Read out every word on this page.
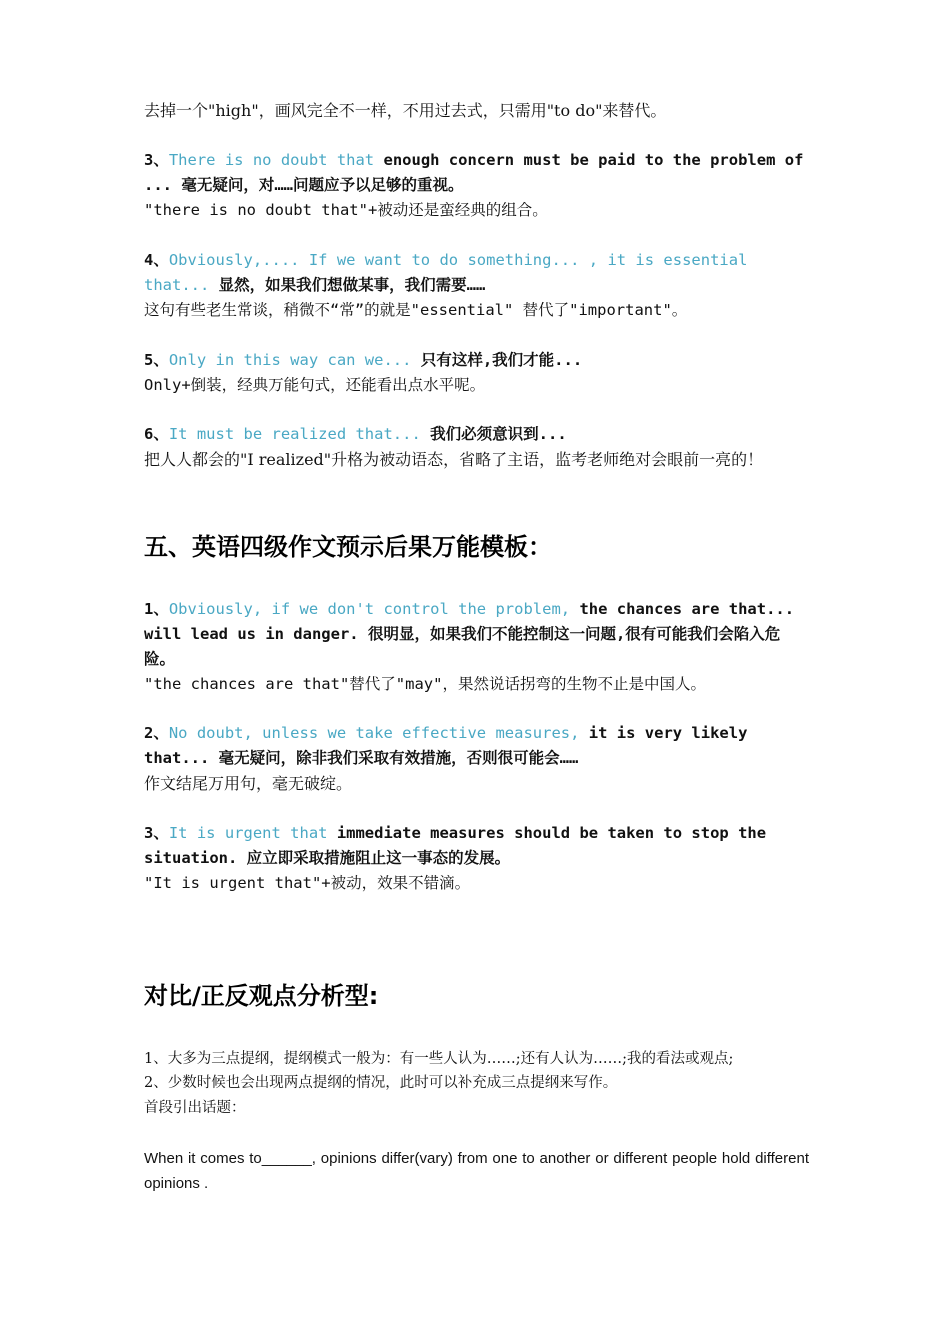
去掉一个"high"，画风完全不一样，不用过去式，只需用"to do"来替代。

3、There is no doubt that enough concern must be paid to the problem of ... 毫无疑问，对……问题应予以足够的重视。

"there is no doubt that"+被动还是蛮经典的组合。

4、Obviously,.... If we want to do something... , it is essential that... 显然，如果我们想做某事，我们需要……

这句有些老生常谈，稍微不“常”的就是"essential" 替代了"important"。

5、Only in this way can we... 只有这样,我们才能...

Only+倒装，经典万能句式，还能看出点水平呢。

6、It must be realized that... 我们必须意识到...

把人人都会的"I realized"升格为被动语态，省略了主语，监考老师绝对会眼前一亮的！

五、英语四级作文预示后果万能模板：
1、Obviously, if we don't control the problem, the chances are that... will lead us in danger. 很明显，如果我们不能控制这一问题,很有可能我们会陷入危险。

"the chances are that"替代了"may"，果然说话拐弯的生物不止是中国人。

2、No doubt, unless we take effective measures, it is very likely that... 毫无疑问，除非我们采取有效措施，否则很可能会……

作文结尾万用句，毫无破绽。

3、It is urgent that immediate measures should be taken to stop the situation. 应立即采取措施阻止这一事态的发展。

"It is urgent that"+被动，效果不错滴。

对比/正反观点分析型:

1、大多为三点提纲，提纲模式一般为：有一些人认为……;还有人认为……;我的看法或观点;

2、少数时候也会出现两点提纲的情况，此时可以补充成三点提纲来写作。

首段引出话题：

When it comes to______, opinions differ(vary) from one to another or different people hold different opinions .
